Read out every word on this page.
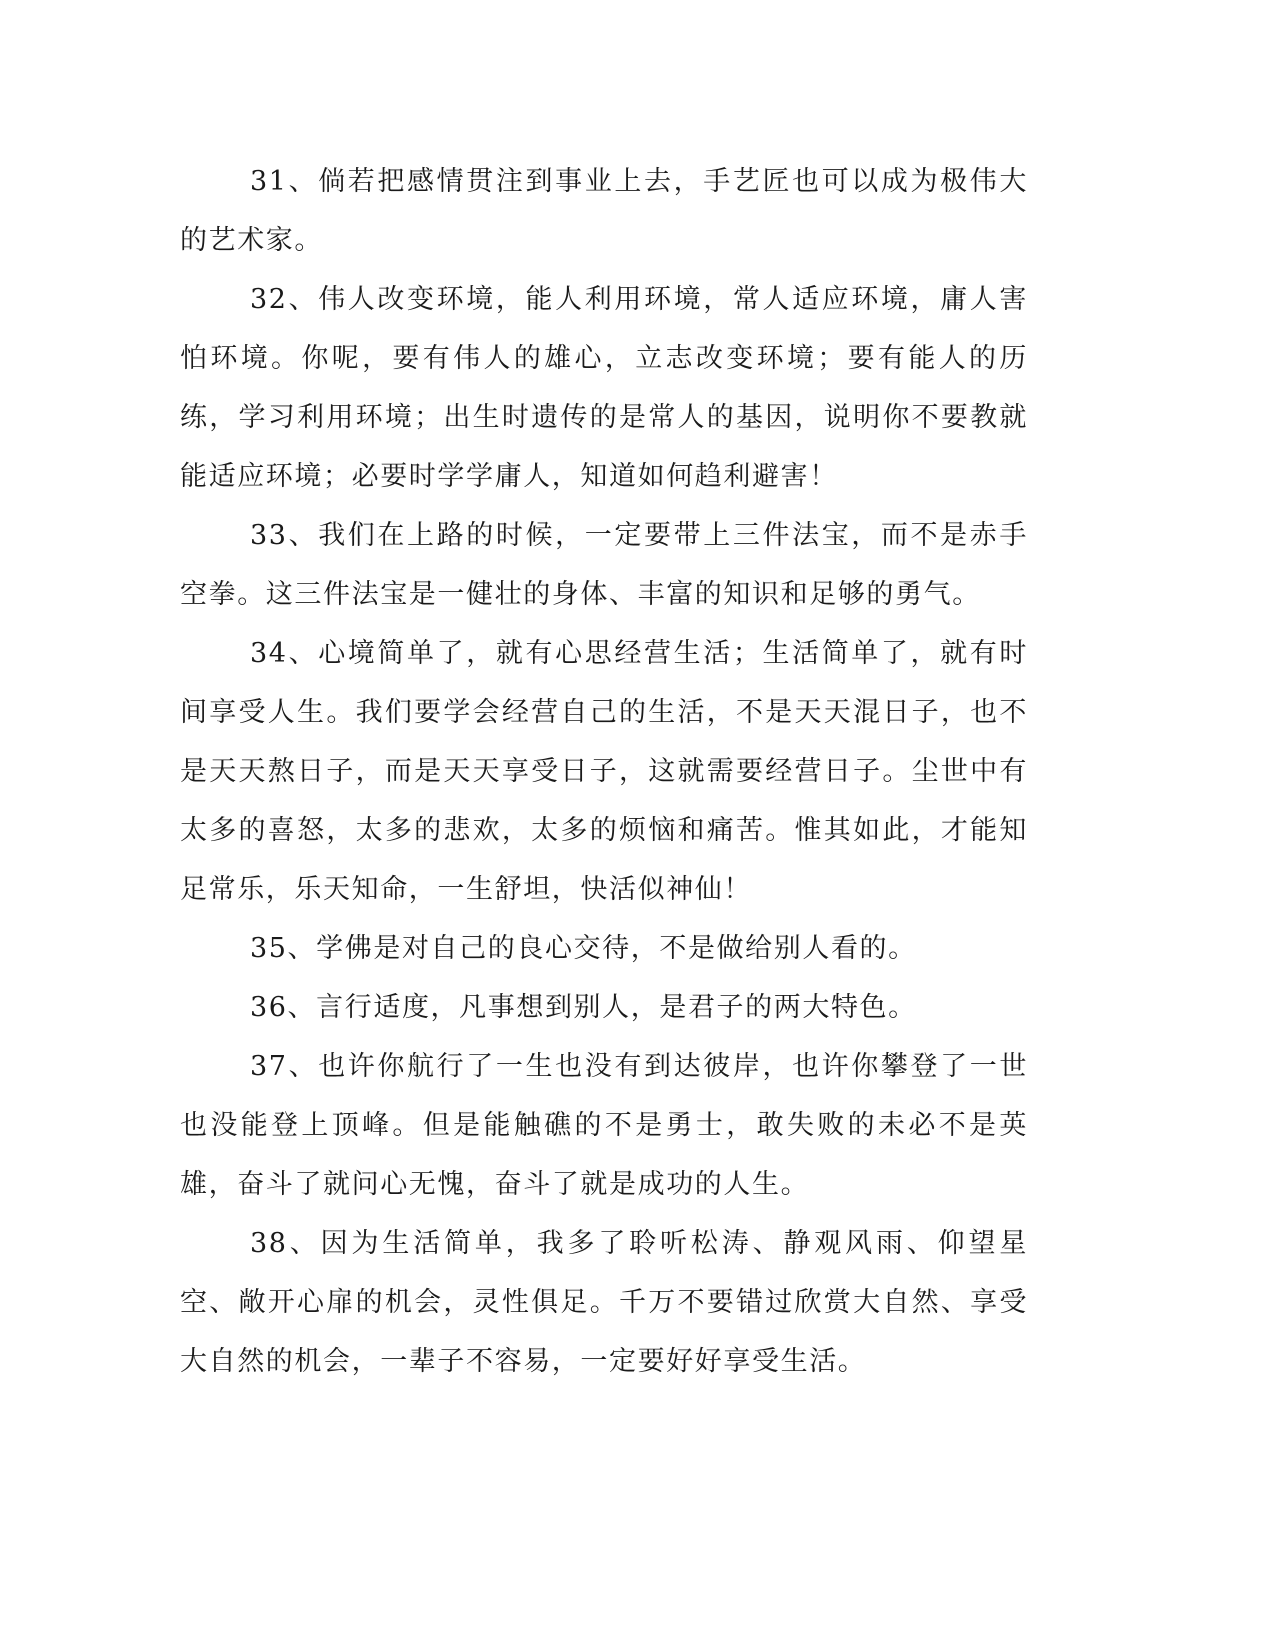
31、倘若把感情贯注到事业上去，手艺匠也可以成为极伟大的艺术家。

32、伟人改变环境，能人利用环境，常人适应环境，庸人害怕环境。你呢，要有伟人的雄心，立志改变环境；要有能人的历练，学习利用环境；出生时遗传的是常人的基因，说明你不要教就能适应环境；必要时学学庸人，知道如何趋利避害！

33、我们在上路的时候，一定要带上三件法宝，而不是赤手空拳。这三件法宝是一健壮的身体、丰富的知识和足够的勇气。

34、心境简单了，就有心思经营生活；生活简单了，就有时间享受人生。我们要学会经营自己的生活，不是天天混日子，也不是天天熬日子，而是天天享受日子，这就需要经营日子。尘世中有太多的喜怒，太多的悲欢，太多的烦恼和痛苦。惟其如此，才能知足常乐，乐天知命，一生舒坦，快活似神仙！

35、学佛是对自己的良心交待，不是做给别人看的。

36、言行适度，凡事想到别人，是君子的两大特色。

37、也许你航行了一生也没有到达彼岸，也许你攀登了一世也没能登上顶峰。但是能触礁的不是勇士，敢失败的未必不是英雄，奋斗了就问心无愧，奋斗了就是成功的人生。

38、因为生活简单，我多了聆听松涛、静观风雨、仰望星空、敞开心扉的机会，灵性俱足。千万不要错过欣赏大自然、享受大自然的机会，一辈子不容易，一定要好好享受生活。
